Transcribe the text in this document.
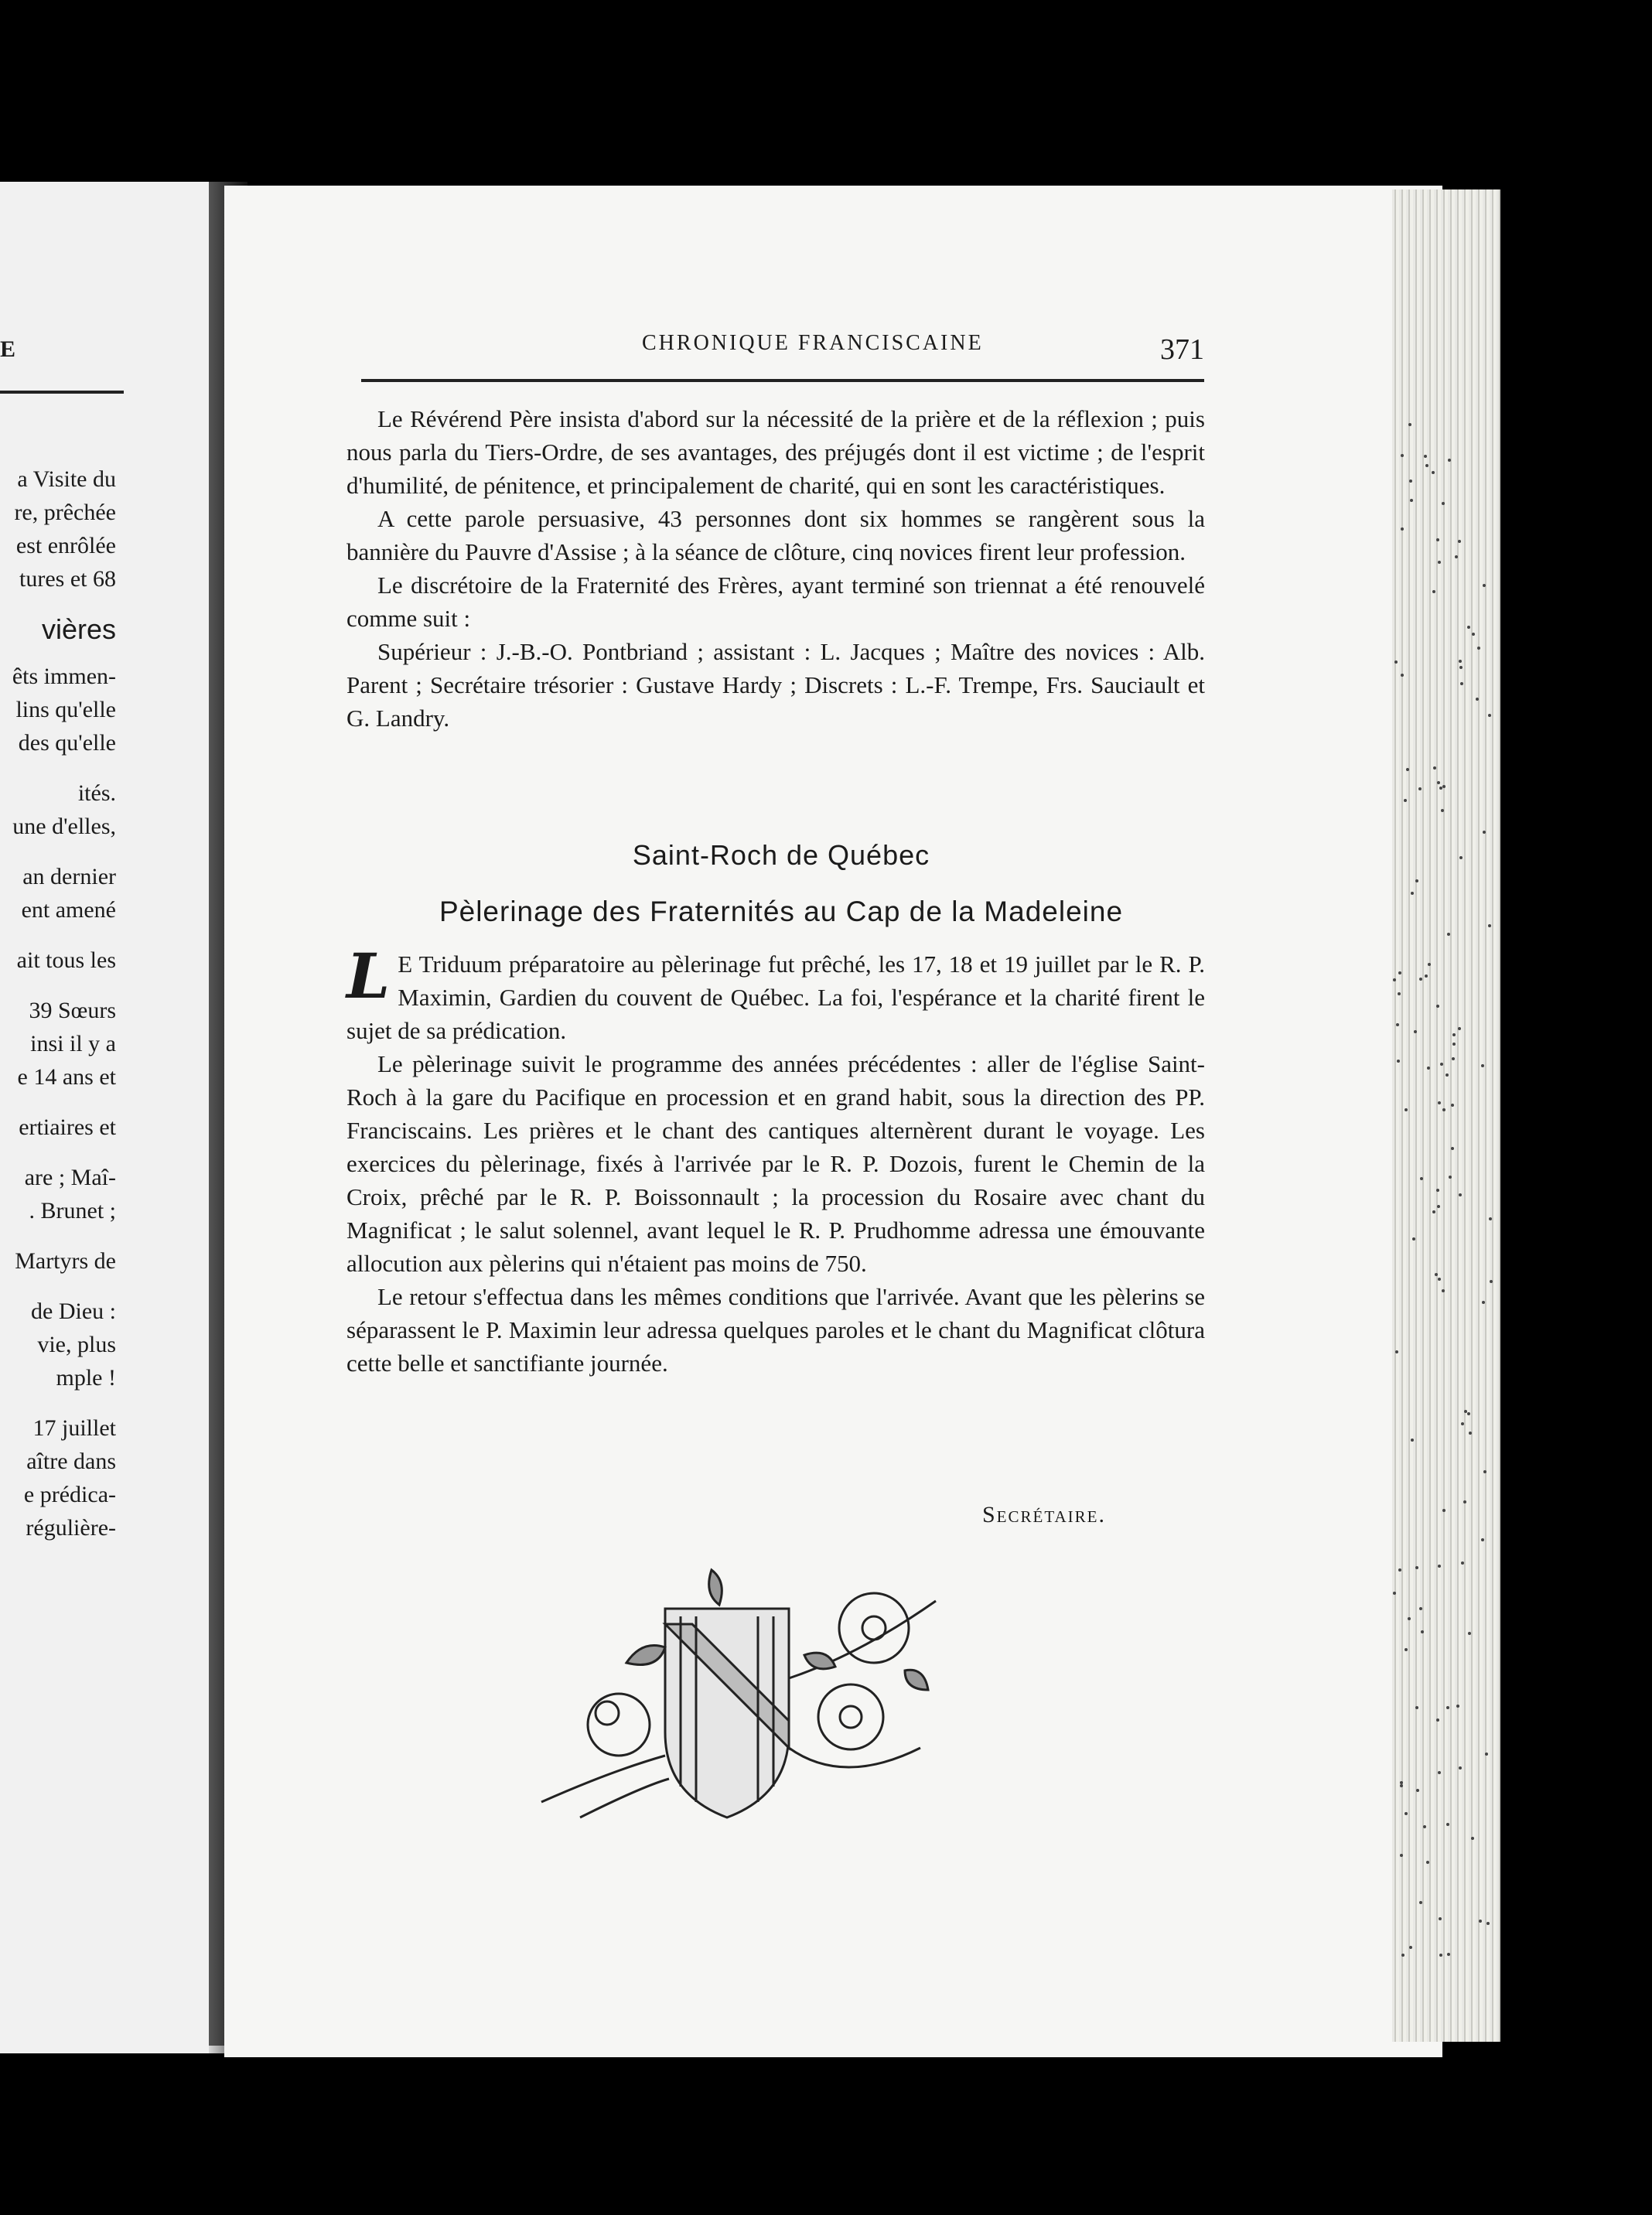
E
a Visite du
re, prêchée
est enrôlée
tures et 68
vières
êts immen-
lins qu'elle
des qu'elle
ités.
une d'elles,
an dernier
ent amené
ait tous les
39 Sœurs
insi il y a
e 14 ans et
ertiaires et
are ; Maî-
. Brunet ;
Martyrs de
de Dieu :
vie, plus
mple !
17 juillet
aître dans
e prédica-
régulière-
CHRONIQUE FRANCISCAINE	371

Le Révérend Père insista d'abord sur la nécessité de la prière et de la réflexion ; puis nous parla du Tiers-Ordre, de ses avantages, des préjugés dont il est victime ; de l'esprit d'humilité, de pénitence, et principalement de charité, qui en sont les caractéristiques.

A cette parole persuasive, 43 personnes dont six hommes se rangèrent sous la bannière du Pauvre d'Assise ; à la séance de clôture, cinq novices firent leur profession.

Le discrétoire de la Fraternité des Frères, ayant terminé son triennat a été renouvelé comme suit :

Supérieur : J.-B.-O. Pontbriand ; assistant : L. Jacques ; Maître des novices : Alb. Parent ; Secrétaire trésorier : Gustave Hardy ; Discrets : L.-F. Trempe, Frs. Sauciault et G. Landry.

Saint-Roch de Québec
Pèlerinage des Fraternités au Cap de la Madeleine

L E Triduum préparatoire au pèlerinage fut prêché, les 17, 18 et 19 juillet par le R. P. Maximin, Gardien du couvent de Québec. La foi, l'espérance et la charité firent le sujet de sa prédication.

Le pèlerinage suivit le programme des années précédentes : aller de l'église Saint-Roch à la gare du Pacifique en procession et en grand habit, sous la direction des PP. Franciscains. Les prières et le chant des cantiques alternèrent durant le voyage. Les exercices du pèlerinage, fixés à l'arrivée par le R. P. Dozois, furent le Chemin de la Croix, prêché par le R. P. Boissonnault ; la procession du Rosaire avec chant du Magnificat ; le salut solennel, avant lequel le R. P. Prudhomme adressa une émouvante allocution aux pèlerins qui n'étaient pas moins de 750.

Le retour s'effectua dans les mêmes conditions que l'arrivée. Avant que les pèlerins se séparassent le P. Maximin leur adressa quelques paroles et le chant du Magnificat clôtura cette belle et sanctifiante journée.

Secrétaire.
